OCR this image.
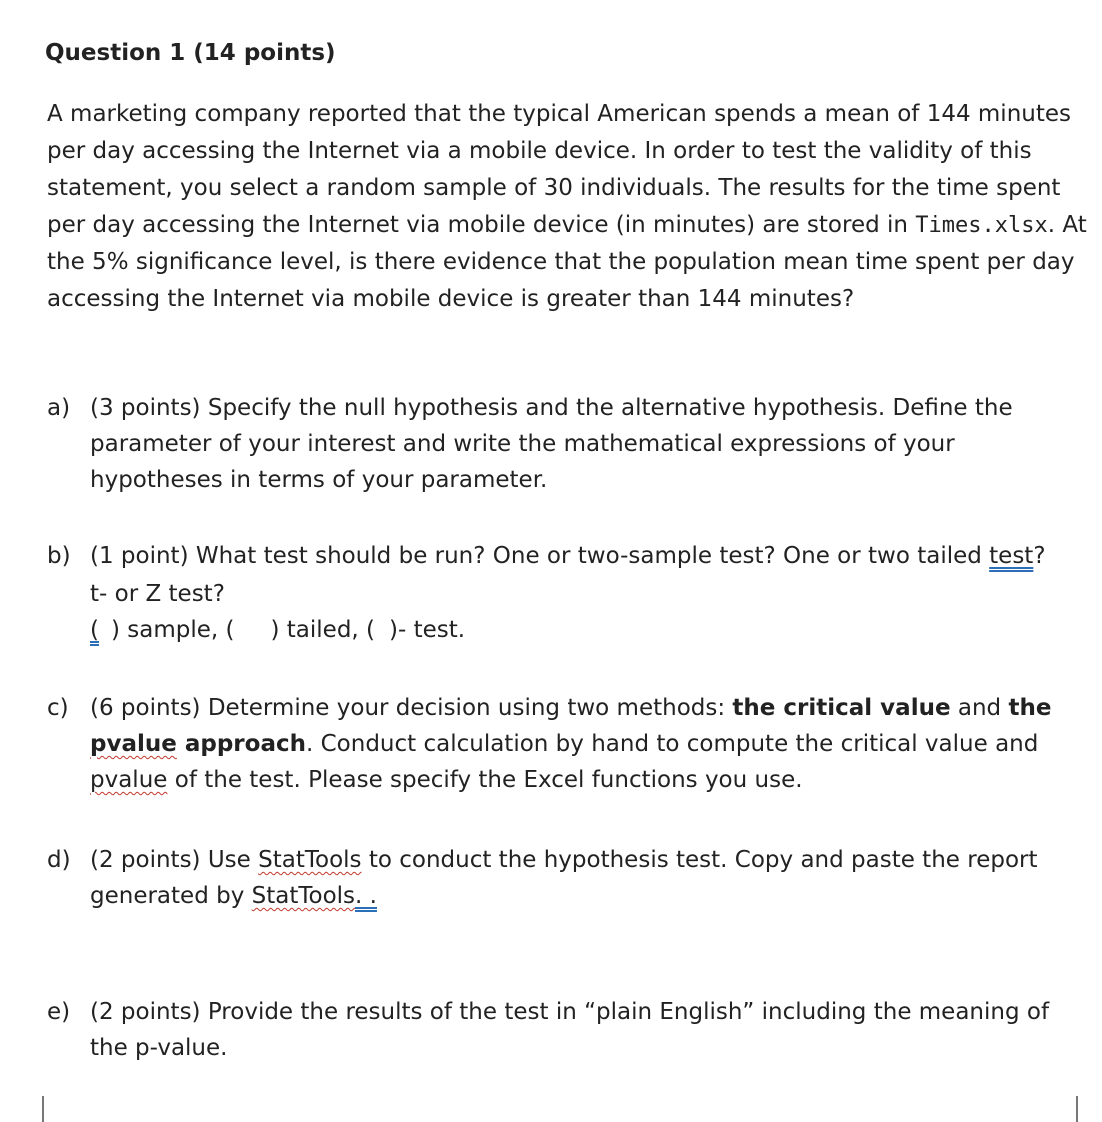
Question 1 (14 points)
A marketing company reported that the typical American spends a mean of 144 minutes per day accessing the Internet via a mobile device. In order to test the validity of this statement, you select a random sample of 30 individuals. The results for the time spent per day accessing the Internet via mobile device (in minutes) are stored in Times.xlsx. At the 5% significance level, is there evidence that the population mean time spent per day accessing the Internet via mobile device is greater than 144 minutes?
a) (3 points) Specify the null hypothesis and the alternative hypothesis. Define the parameter of your interest and write the mathematical expressions of your hypotheses in terms of your parameter.
b) (1 point) What test should be run? One or two-sample test? One or two tailed test?
t- or Z test?
( ) sample, ( ) tailed, ( )- test.
c) (6 points) Determine your decision using two methods: the critical value and the
pvalue approach. Conduct calculation by hand to compute the critical value and
pvalue of the test. Please specify the Excel functions you use.
d) (2 points) Use StatTools to conduct the hypothesis test. Copy and paste the report generated by StatTools. .
e) (2 points) Provide the results of the test in “plain English” including the meaning of the p-value.
